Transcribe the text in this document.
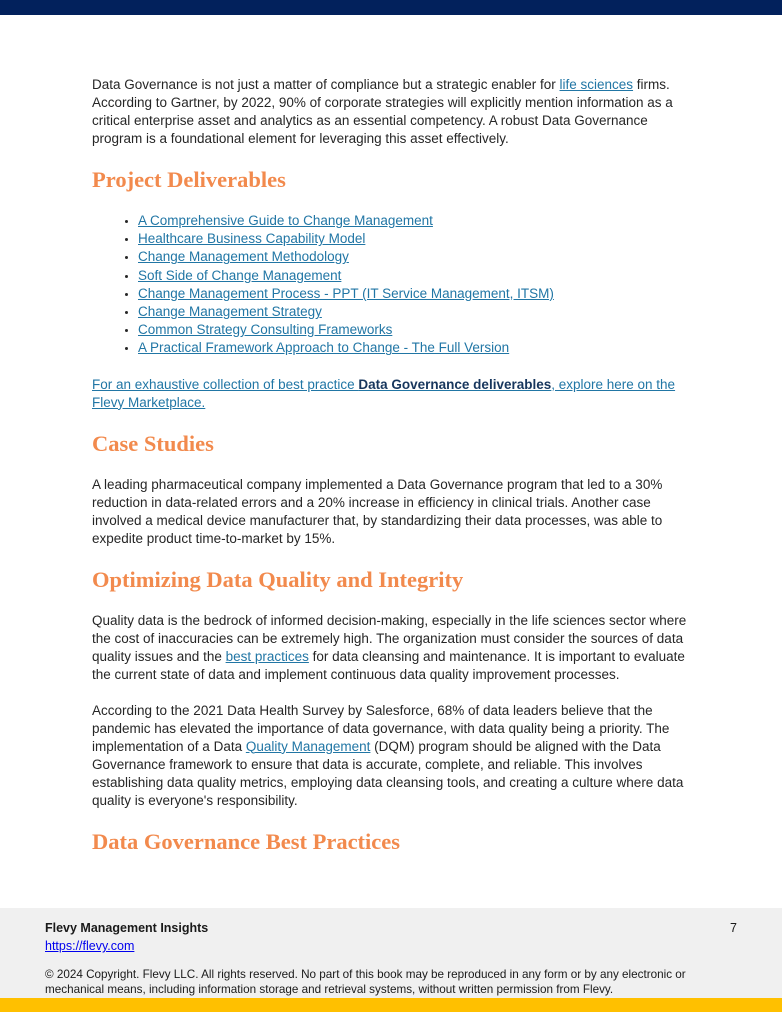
Data Governance is not just a matter of compliance but a strategic enabler for life sciences firms. According to Gartner, by 2022, 90% of corporate strategies will explicitly mention information as a critical enterprise asset and analytics as an essential competency. A robust Data Governance program is a foundational element for leveraging this asset effectively.

Project Deliverables
• A Comprehensive Guide to Change Management
• Healthcare Business Capability Model
• Change Management Methodology
• Soft Side of Change Management
• Change Management Process - PPT (IT Service Management, ITSM)
• Change Management Strategy
• Common Strategy Consulting Frameworks
• A Practical Framework Approach to Change - The Full Version

For an exhaustive collection of best practice Data Governance deliverables, explore here on the Flevy Marketplace.

Case Studies

A leading pharmaceutical company implemented a Data Governance program that led to a 30% reduction in data-related errors and a 20% increase in efficiency in clinical trials. Another case involved a medical device manufacturer that, by standardizing their data processes, was able to expedite product time-to-market by 15%.

Optimizing Data Quality and Integrity

Quality data is the bedrock of informed decision-making, especially in the life sciences sector where the cost of inaccuracies can be extremely high. The organization must consider the sources of data quality issues and the best practices for data cleansing and maintenance. It is important to evaluate the current state of data and implement continuous data quality improvement processes.

According to the 2021 Data Health Survey by Salesforce, 68% of data leaders believe that the pandemic has elevated the importance of data governance, with data quality being a priority. The implementation of a Data Quality Management (DQM) program should be aligned with the Data Governance framework to ensure that data is accurate, complete, and reliable. This involves establishing data quality metrics, employing data cleansing tools, and creating a culture where data quality is everyone's responsibility.

Data Governance Best Practices
Flevy Management Insights
https://flevy.com
7
© 2024 Copyright. Flevy LLC. All rights reserved. No part of this book may be reproduced in any form or by any electronic or mechanical means, including information storage and retrieval systems, without written permission from Flevy.
